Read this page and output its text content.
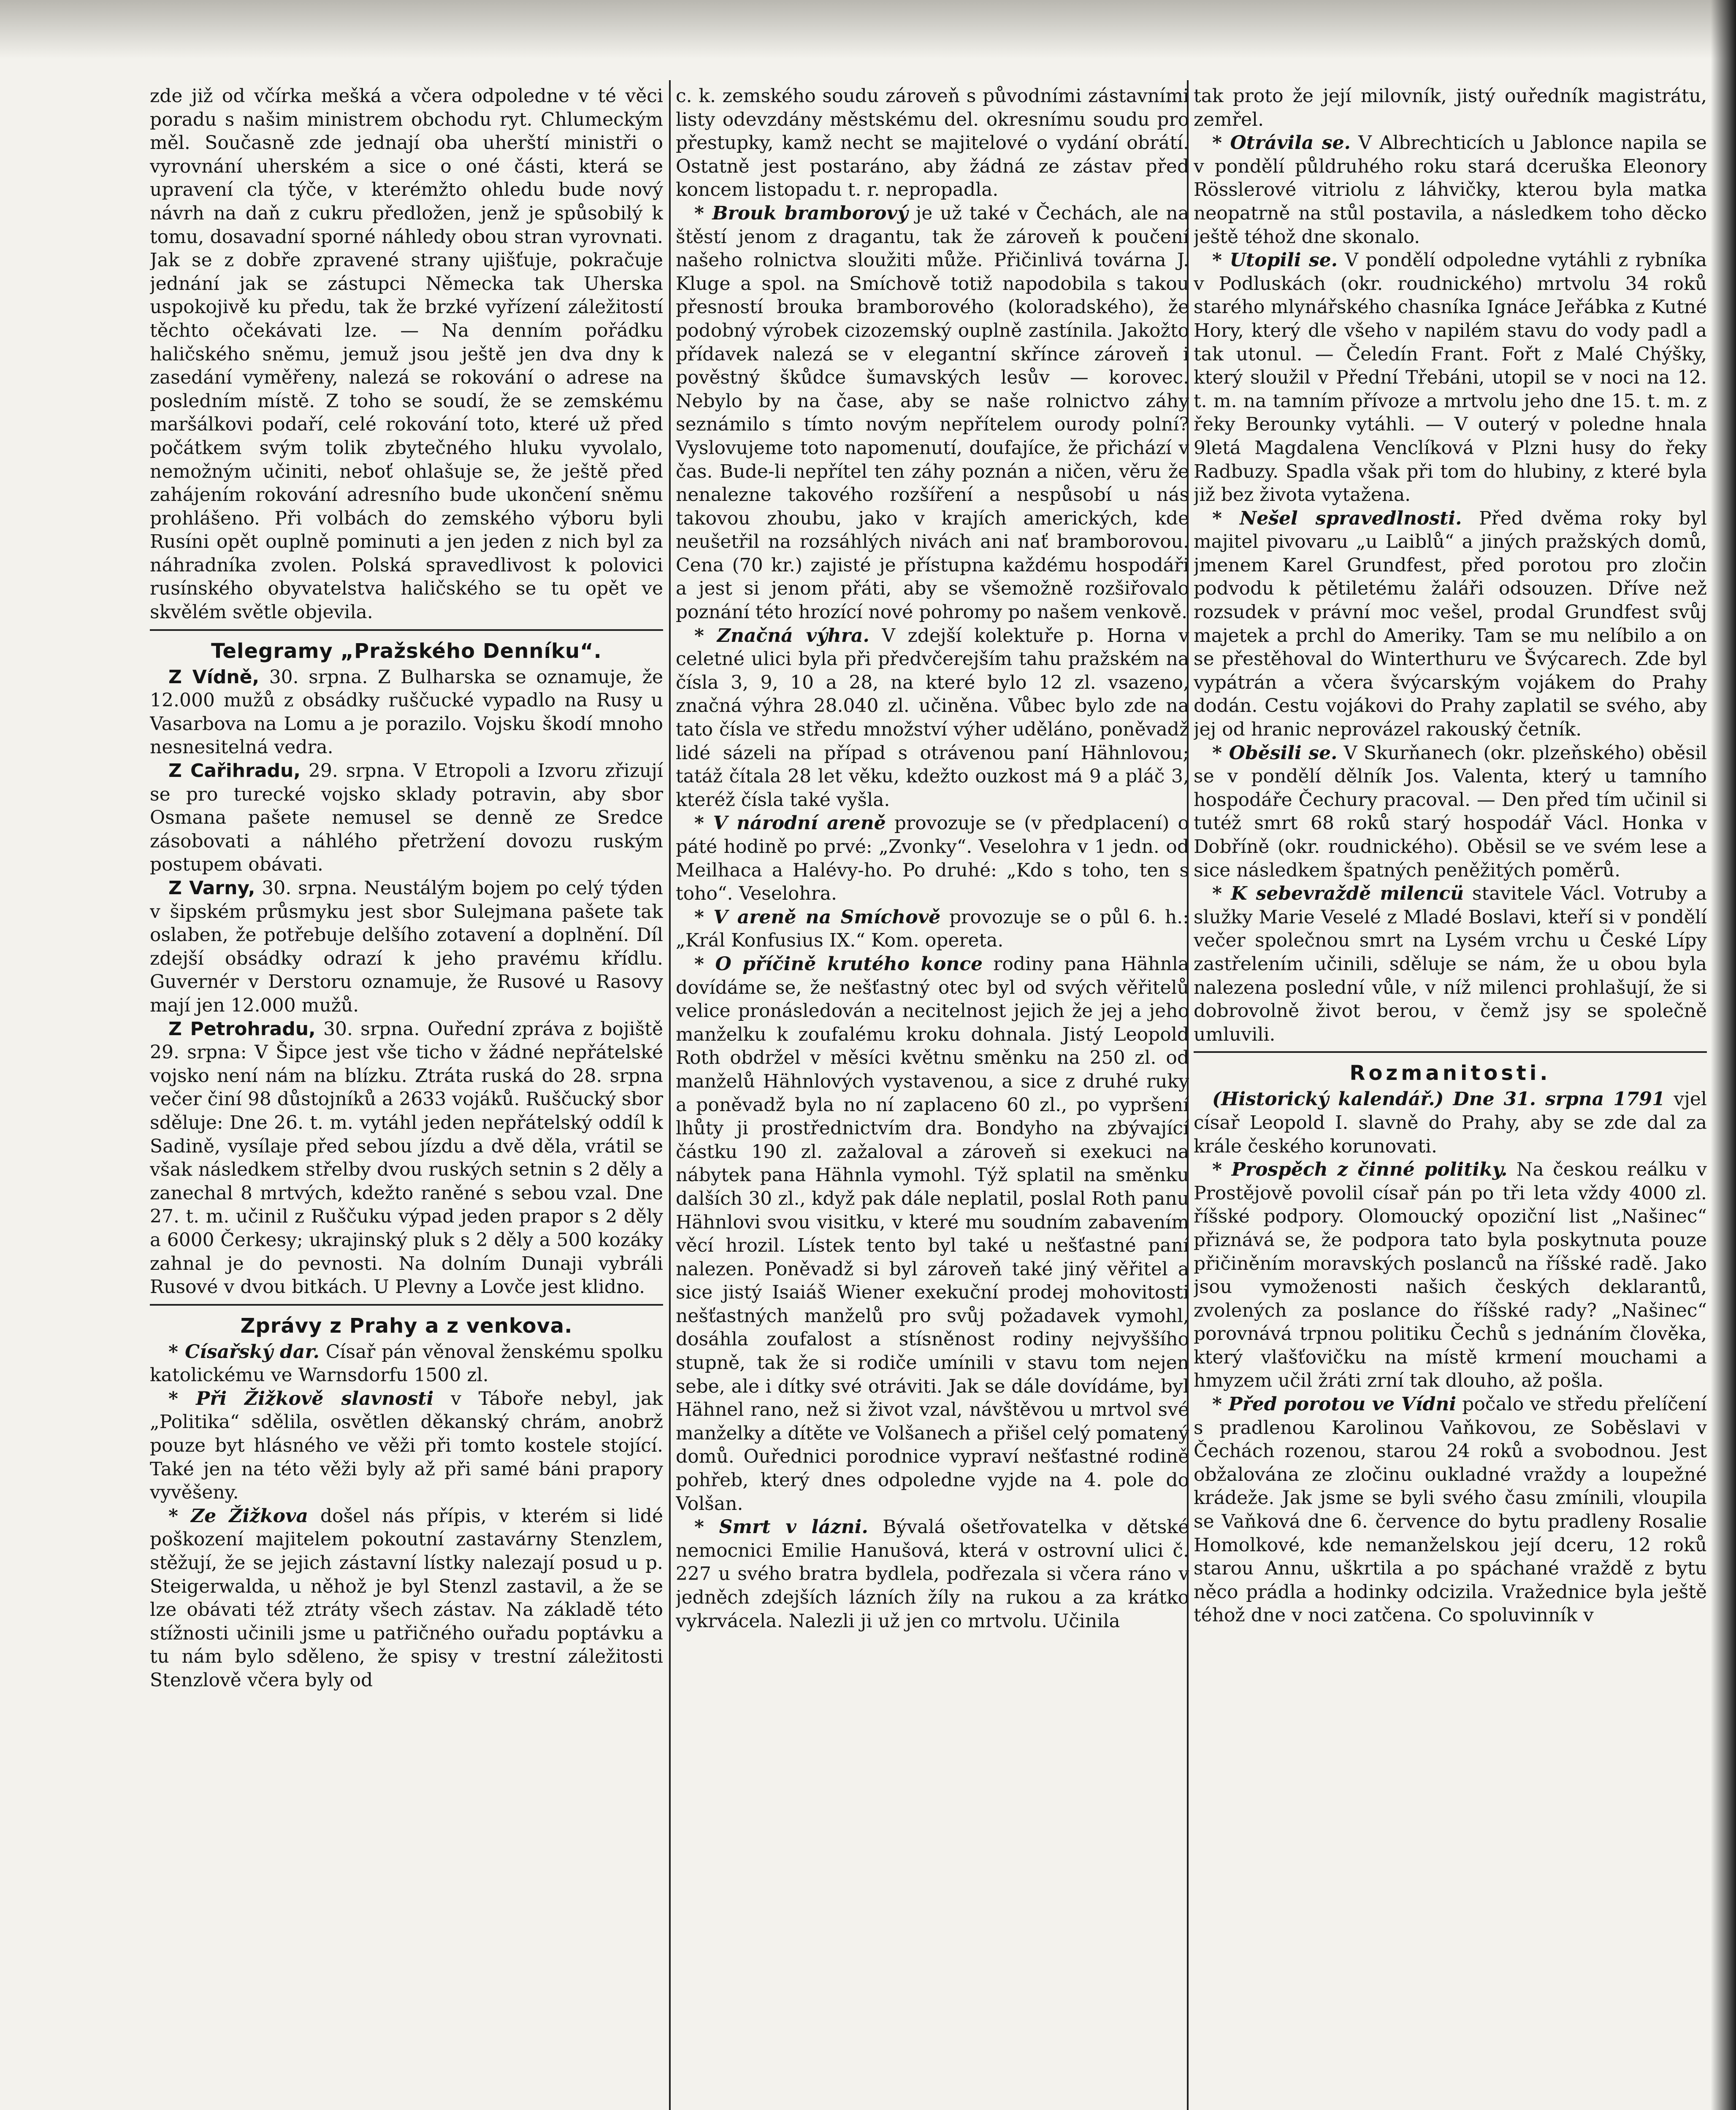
zde již od včírka mešká a včera odpoledne v té věci poradu s našim ministrem obchodu ryt. Chlumeckým měl. Současně zde jednají oba uherští ministři o vyrovnání uherském a sice o oné části, která se upravení cla týče, v kterémžto ohledu bude nový návrh na daň z cukru předložen, jenž je spůsobilý k tomu, dosavadní sporné náhledy obou stran vyrovnati. Jak se z dobře zpravené strany ujišťuje, pokračuje jednání jak se zástupci Německa tak Uherska uspokojivě ku předu, tak že brzké vyřízení záležitostí těchto očekávati lze. — Na denním pořádku haličského sněmu, jemuž jsou ještě jen dva dny k zasedání vyměřeny, nalezá se rokování o adrese na posledním místě. Z toho se soudí, že se zemskému maršálkovi podaří, celé rokování toto, které už před počátkem svým tolik zbytečného hluku vyvolalo, nemožným učiniti, neboť ohlašuje se, že ještě před zahájením rokování adresního bude ukončení sněmu prohlášeno. Při volbách do zemského výboru byli Rusíni opět ouplně pominuti a jen jeden z nich byl za náhradníka zvolen. Polská spravedlivost k polovici rusínského obyvatelstva haličského se tu opět ve skvělém světle objevila.

Telegramy „Pražského Denníku“.

Z Vídně, 30. srpna. Z Bulharska se oznamuje, že 12.000 mužů z obsádky ruščucké vypadlo na Rusy u Vasarbova na Lomu a je porazilo. Vojsku škodí mnoho nesnesitelná vedra.

Z Cařihradu, 29. srpna. V Etropoli a Izvoru zřizují se pro turecké vojsko sklady potravin, aby sbor Osmana pašete nemusel se denně ze Sredce zásobovati a náhlého přetržení dovozu ruským postupem obávati.

Z Varny, 30. srpna. Neustálým bojem po celý týden v šipském průsmyku jest sbor Sulejmana pašete tak oslaben, že potřebuje delšího zotavení a doplnění. Díl zdejší obsádky odrazí k jeho pravému křídlu. Guvernér v Derstoru oznamuje, že Rusové u Rasovy mají jen 12.000 mužů.

Z Petrohradu, 30. srpna. Ouřední zpráva z bojiště 29. srpna: V Šipce jest vše ticho v žádné nepřátelské vojsko není nám na blízku. Ztráta ruská do 28. srpna večer činí 98 důstojníků a 2633 vojáků. Ruščucký sbor sděluje: Dne 26. t. m. vytáhl jeden nepřátelský oddíl k Sadině, vysílaje před sebou jízdu a dvě děla, vrátil se však následkem střelby dvou ruských setnin s 2 děly a zanechal 8 mrtvých, kdežto raněné s sebou vzal. Dne 27. t. m. učinil z Ruščuku výpad jeden prapor s 2 děly a 6000 Čerkesy; ukrajinský pluk s 2 děly a 500 kozáky zahnal je do pevnosti. Na dolním Dunaji vybráli Rusové v dvou bitkách. U Plevny a Lovče jest klidno.

Zprávy z Prahy a z venkova.

* Císařský dar. Císař pán věnoval ženskému spolku katolickému ve Warnsdorfu 1500 zl.

* Při Žižkově slavnosti v Táboře nebyl, jak „Politika“ sdělila, osvětlen děkanský chrám, anobrž pouze byt hlásného ve věži při tomto kostele stojící. Také jen na této věži byly až při samé báni prapory vyvěšeny.

* Ze Žižkova došel nás přípis, v kterém si lidé poškození majitelem pokoutní zastavárny Stenzlem, stěžují, že se jejich zástavní lístky nalezají posud u p. Steigerwalda, u něhož je byl Stenzl zastavil, a že se lze obávati též ztráty všech zástav. Na základě této stížnosti učinili jsme u patřičného ouřadu poptávku a tu nám bylo sděleno, že spisy v trestní záležitosti Stenzlově včera byly od

c. k. zemského soudu zároveň s původními zástavními listy odevzdány městskému del. okresnímu soudu pro přestupky, kamž necht se majitelové o vydání obrátí. Ostatně jest postaráno, aby žádná ze zástav před koncem listopadu t. r. nepropadla.

* Brouk bramborový je už také v Čechách, ale na štěstí jenom z dragantu, tak že zároveň k poučení našeho rolnictva sloužiti může. Přičinlivá továrna J. Kluge a spol. na Smíchově totiž napodobila s takou přesností brouka bramborového (koloradského), že podobný výrobek cizozemský ouplně zastínila. Jakožto přídavek nalezá se v elegantní skřínce zároveň i pověstný škůdce šumavských lesův — korovec. Nebylo by na čase, aby se naše rolnictvo záhy seznámilo s tímto novým nepřítelem ourody polní? Vyslovujeme toto napomenutí, doufajíce, že přichází v čas. Bude-li nepřítel ten záhy poznán a ničen, věru že nenalezne takového rozšíření a nespůsobí u nás takovou zhoubu, jako v krajích amerických, kde neušetřil na rozsáhlých nivách ani nať bramborovou. Cena (70 kr.) zajisté je přístupna každému hospodáři a jest si jenom přáti, aby se všemožně rozšiřovalo poznání této hrozící nové pohromy po našem venkově.

* Značná výhra. V zdejší kolektuře p. Horna v celetné ulici byla při předvčerejším tahu pražském na čísla 3, 9, 10 a 28, na které bylo 12 zl. vsazeno, značná výhra 28.040 zl. učiněna. Vůbec bylo zde na tato čísla ve středu množství výher uděláno, poněvadž lidé sázeli na případ s otrávenou paní Hähnlovou; tatáž čítala 28 let věku, kdežto ouzkost má 9 a pláč 3, kteréž čísla také vyšla.

* V národní areně provozuje se (v předplacení) o páté hodině po prvé: „Zvonky“. Veselohra v 1 jedn. od Meilhaca a Halévy-ho. Po druhé: „Kdo s toho, ten s toho“. Veselohra.

* V areně na Smíchově provozuje se o půl 6. h.: „Král Konfusius IX.“ Kom. opereta.

* O příčině krutého konce rodiny pana Hähnla dovídáme se, že nešťastný otec byl od svých věřitelů velice pronásledován a necitelnost jejich že jej a jeho manželku k zoufalému kroku dohnala. Jistý Leopold Roth obdržel v měsíci květnu směnku na 250 zl. od manželů Hähnlových vystavenou, a sice z druhé ruky a poněvadž byla no ní zaplaceno 60 zl., po vypršení lhůty ji prostřednictvím dra. Bondyho na zbývající částku 190 zl. zažaloval a zároveň si exekuci na nábytek pana Hähnla vymohl. Týž splatil na směnku dalších 30 zl., když pak dále neplatil, poslal Roth panu Hähnlovi svou visitku, v které mu soudním zabavením věcí hrozil. Lístek tento byl také u nešťastné paní nalezen. Poněvadž si byl zároveň také jiný věřitel a sice jistý Isaiáš Wiener exekuční prodej mohovitosti nešťastných manželů pro svůj požadavek vymohl, dosáhla zoufalost a stísněnost rodiny nejvyššího stupně, tak že si rodiče umínili v stavu tom nejen sebe, ale i dítky své otráviti. Jak se dále dovídáme, byl Hähnel rano, než si život vzal, návštěvou u mrtvol své manželky a dítěte ve Volšanech a přišel celý pomatený domů. Ouřednici porodnice vypraví nešťastné rodině pohřeb, který dnes odpoledne vyjde na 4. pole do Volšan.

* Smrt v lázni. Bývalá ošetřovatelka v dětské nemocnici Emilie Hanušová, která v ostrovní ulici č. 227 u svého bratra bydlela, podřezala si včera ráno v jedněch zdejších lázních žíly na rukou a za krátko vykrvácela. Nalezli ji už jen co mrtvolu. Učinila

tak proto že její milovník, jistý ouředník magistrátu, zemřel.

* Otrávila se. V Albrechticích u Jablonce napila se v pondělí půldruhého roku stará dceruška Eleonory Rösslerové vitriolu z láhvičky, kterou byla matka neopatrně na stůl postavila, a následkem toho děcko ještě téhož dne skonalo.

* Utopili se. V pondělí odpoledne vytáhli z rybníka v Podluskách (okr. roudnického) mrtvolu 34 roků starého mlynářského chasníka Ignáce Jeřábka z Kutné Hory, který dle všeho v napilém stavu do vody padl a tak utonul. — Čeledín Frant. Fořt z Malé Chýšky, který sloužil v Přední Třebáni, utopil se v noci na 12. t. m. na tamním přívoze a mrtvolu jeho dne 15. t. m. z řeky Berounky vytáhli. — V outerý v poledne hnala 9letá Magdalena Venclíková v Plzni husy do řeky Radbuzy. Spadla však při tom do hlubiny, z které byla již bez života vytažena.

* Nešel spravedlnosti. Před dvěma roky byl majitel pivovaru „u Laiblů“ a jiných pražských domů, jmenem Karel Grundfest, před porotou pro zločin podvodu k pětiletému žaláři odsouzen. Dříve než rozsudek v právní moc vešel, prodal Grundfest svůj majetek a prchl do Ameriky. Tam se mu nelíbilo a on se přestěhoval do Winterthuru ve Švýcarech. Zde byl vypátrán a včera švýcarským vojákem do Prahy dodán. Cestu vojákovi do Prahy zaplatil se svého, aby jej od hranic neprovázel rakouský četník.

* Oběsili se. V Skurňanech (okr. plzeňského) oběsil se v pondělí dělník Jos. Valenta, který u tamního hospodáře Čechury pracoval. — Den před tím učinil si tutéž smrt 68 roků starý hospodář Václ. Honka v Dobříně (okr. roudnického). Oběsil se ve svém lese a sice následkem špatných peněžitých poměrů.

* K sebevraždě milencü stavitele Václ. Votruby a služky Marie Veselé z Mladé Boslavi, kteří si v pondělí večer společnou smrt na Lysém vrchu u České Lípy zastřelením učinili, sděluje se nám, že u obou byla nalezena poslední vůle, v níž milenci prohlašují, že si dobrovolně život berou, v čemž jsy se společně umluvili.

Rozmanitosti.

(Historický kalendář.) Dne 31. srpna 1791 vjel císař Leopold I. slavně do Prahy, aby se zde dal za krále českého korunovati.

* Prospěch z činné politiky. Na českou reálku v Prostějově povolil císař pán po tři leta vždy 4000 zl. říšské podpory. Olomoucký opoziční list „Našinec“ přiznává se, že podpora tato byla poskytnuta pouze přičiněním moravských poslanců na říšské radě. Jako jsou vymoženosti našich českých deklarantů, zvolených za poslance do říšské rady? „Našinec“ porovnává trpnou politiku Čechů s jednáním člověka, který vlašťovičku na místě krmení mouchami a hmyzem učil žráti zrní tak dlouho, až pošla.

* Před porotou ve Vídni počalo ve středu přelíčení s pradlenou Karolinou Vaňkovou, ze Soběslavi v Čechách rozenou, starou 24 roků a svobodnou. Jest obžalována ze zločinu oukladné vraždy a loupežné krádeže. Jak jsme se byli svého času zmínili, vloupila se Vaňková dne 6. července do bytu pradleny Rosalie Homolkové, kde nemanželskou její dceru, 12 roků starou Annu, uškrtila a po spáchané vraždě z bytu něco prádla a hodinky odcizila. Vražednice byla ještě téhož dne v noci zatčena. Co spoluvinník v
